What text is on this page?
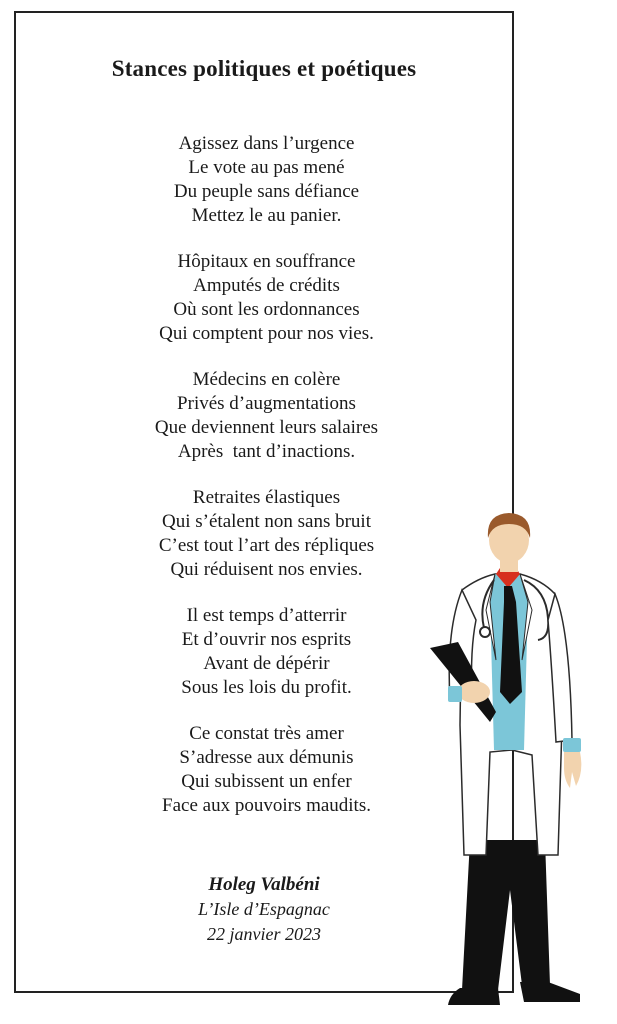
Stances politiques et poétiques
Agissez dans l’urgence
Le vote au pas mené
Du peuple sans défiance
Mettez le au panier.
Hôpitaux en souffrance
Amputés de crédits
Où sont les ordonnances
Qui comptent pour nos vies.
Médecins en colère
Privés d’augmentations
Que deviennent leurs salaires
Après  tant d’inactions.
Retraites élastiques
Qui s’étalent non sans bruit
C’est tout l’art des répliques
Qui réduisent nos envies.
Il est temps d’atterrir
Et d’ouvrir nos esprits
Avant de dépérir
Sous les lois du profit.
Ce constat très amer
S’adresse aux démunis
Qui subissent un enfer
Face aux pouvoirs maudits.
Holeg Valbéni
L’Isle d’Espagnac
22 janvier 2023
